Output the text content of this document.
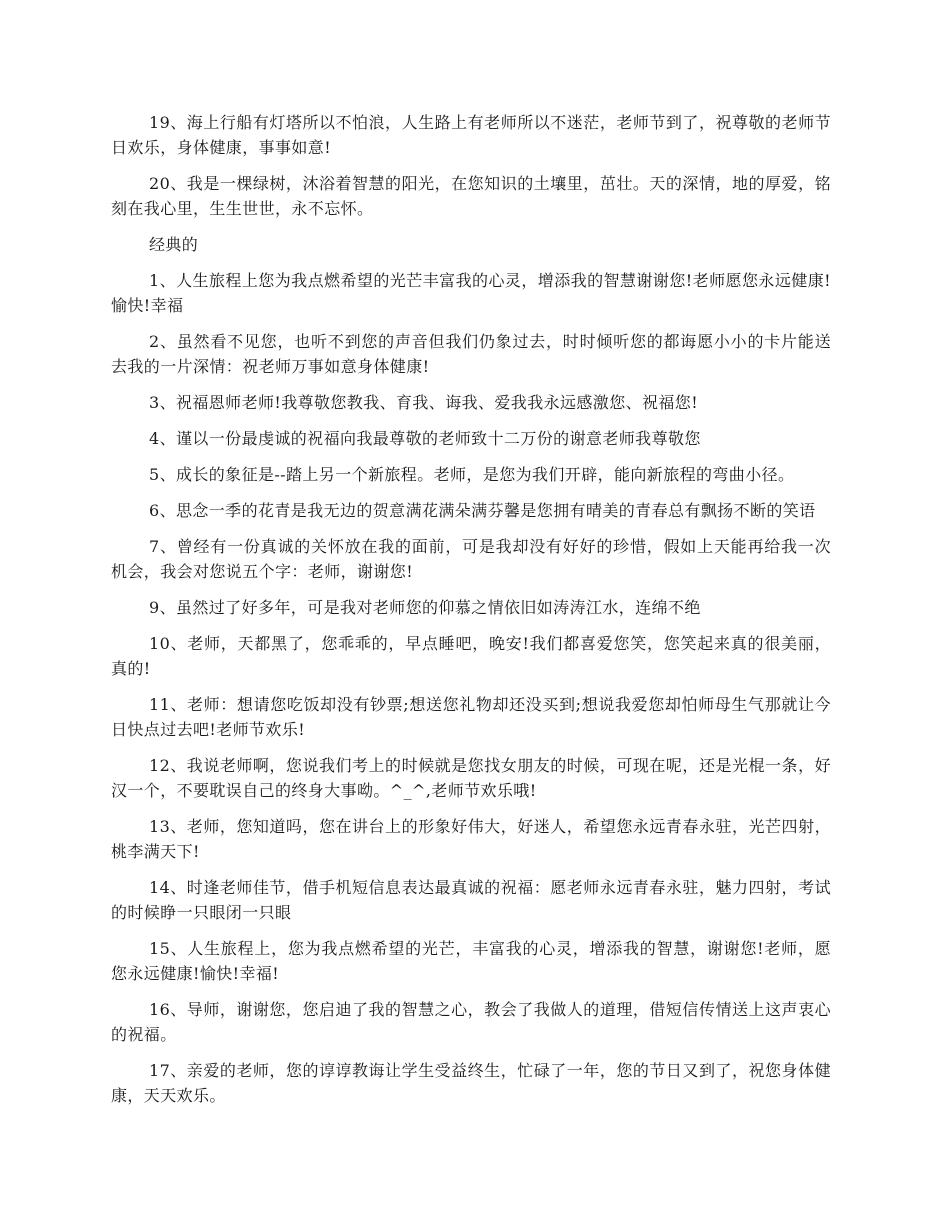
19、海上行船有灯塔所以不怕浪，人生路上有老师所以不迷茫，老师节到了，祝尊敬的老师节日欢乐，身体健康，事事如意!

20、我是一棵绿树，沐浴着智慧的阳光，在您知识的土壤里，茁壮。天的深情，地的厚爱，铭刻在我心里，生生世世，永不忘怀。

经典的

1、人生旅程上您为我点燃希望的光芒丰富我的心灵，增添我的智慧谢谢您!老师愿您永远健康!愉快!幸福

2、虽然看不见您，也听不到您的声音但我们仍象过去，时时倾听您的都诲愿小小的卡片能送去我的一片深情：祝老师万事如意身体健康!

3、祝福恩师老师!我尊敬您教我、育我、诲我、爱我我永远感激您、祝福您!

4、谨以一份最虔诚的祝福向我最尊敬的老师致十二万份的谢意老师我尊敬您

5、成长的象征是--踏上另一个新旅程。老师，是您为我们开辟，能向新旅程的弯曲小径。

6、思念一季的花青是我无边的贺意满花满朵满芬馨是您拥有晴美的青春总有飘扬不断的笑语

7、曾经有一份真诚的关怀放在我的面前，可是我却没有好好的珍惜，假如上天能再给我一次机会，我会对您说五个字：老师，谢谢您!

9、虽然过了好多年，可是我对老师您的仰慕之情依旧如涛涛江水，连绵不绝

10、老师，天都黑了，您乖乖的，早点睡吧，晚安!我们都喜爱您笑，您笑起来真的很美丽，真的!

11、老师：想请您吃饭却没有钞票;想送您礼物却还没买到;想说我爱您却怕师母生气那就让今日快点过去吧!老师节欢乐!

12、我说老师啊，您说我们考上的时候就是您找女朋友的时候，可现在呢，还是光棍一条，好汉一个，不要耽误自己的终身大事呦。^_^,老师节欢乐哦!

13、老师，您知道吗，您在讲台上的形象好伟大，好迷人，希望您永远青春永驻，光芒四射，桃李满天下!

14、时逢老师佳节，借手机短信息表达最真诚的祝福：愿老师永远青春永驻，魅力四射，考试的时候睁一只眼闭一只眼

15、人生旅程上，您为我点燃希望的光芒，丰富我的心灵，增添我的智慧，谢谢您!老师，愿您永远健康!愉快!幸福!

16、导师，谢谢您，您启迪了我的智慧之心，教会了我做人的道理，借短信传情送上这声衷心的祝福。

17、亲爱的老师，您的谆谆教诲让学生受益终生，忙碌了一年，您的节日又到了，祝您身体健康，天天欢乐。
